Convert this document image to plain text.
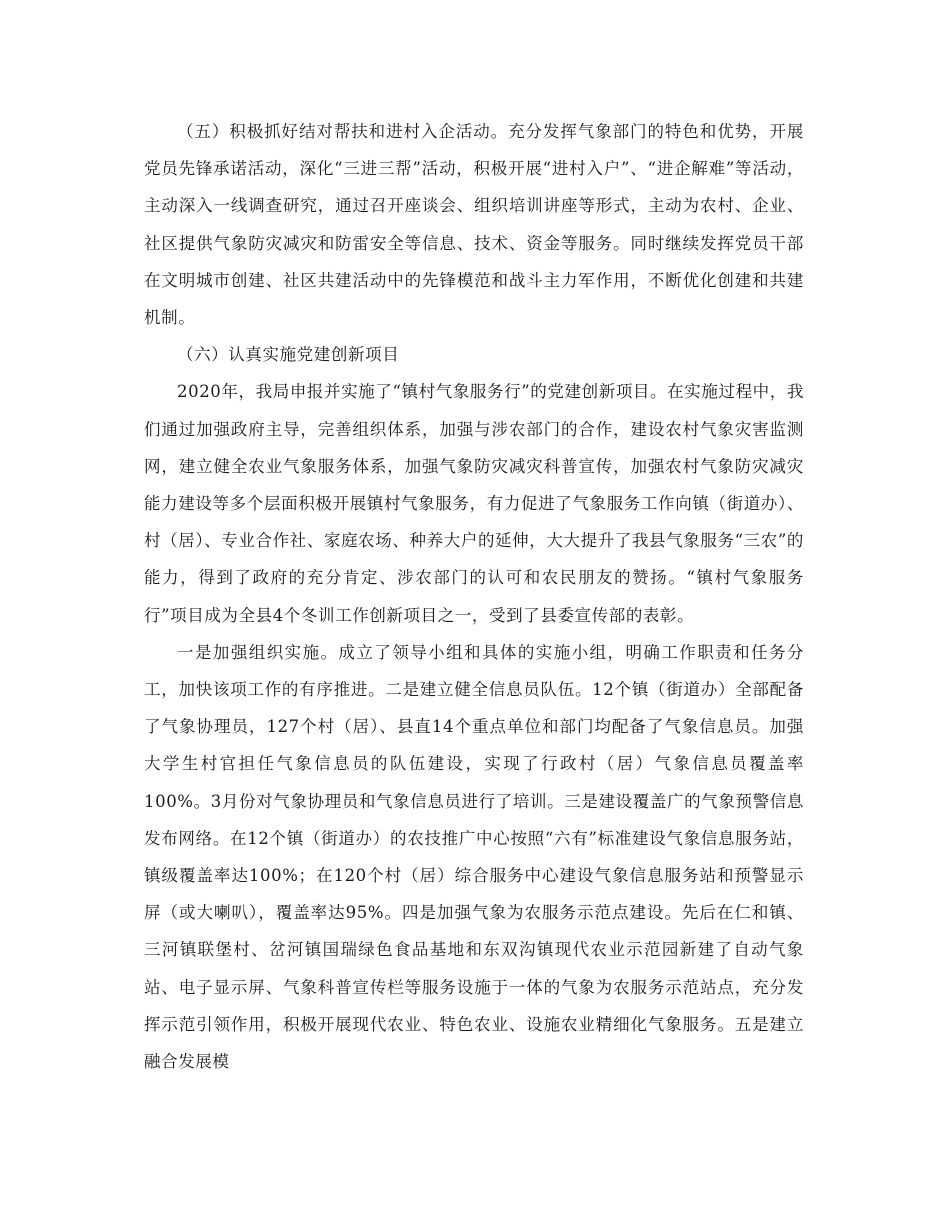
（五）积极抓好结对帮扶和进村入企活动。充分发挥气象部门的特色和优势，开展党员先锋承诺活动，深化“三进三帮”活动，积极开展“进村入户”、“进企解难”等活动，主动深入一线调查研究，通过召开座谈会、组织培训讲座等形式，主动为农村、企业、社区提供气象防灾减灾和防雷安全等信息、技术、资金等服务。同时继续发挥党员干部在文明城市创建、社区共建活动中的先锋模范和战斗主力军作用，不断优化创建和共建机制。

（六）认真实施党建创新项目

2020年，我局申报并实施了“镇村气象服务行”的党建创新项目。在实施过程中，我们通过加强政府主导，完善组织体系，加强与涉农部门的合作，建设农村气象灾害监测网，建立健全农业气象服务体系，加强气象防灾减灾科普宣传，加强农村气象防灾减灾能力建设等多个层面积极开展镇村气象服务，有力促进了气象服务工作向镇（街道办）、村（居）、专业合作社、家庭农场、种养大户的延伸，大大提升了我县气象服务“三农”的能力，得到了政府的充分肯定、涉农部门的认可和农民朋友的赞扬。“镇村气象服务行”项目成为全县4个冬训工作创新项目之一，受到了县委宣传部的表彰。

一是加强组织实施。成立了领导小组和具体的实施小组，明确工作职责和任务分工，加快该项工作的有序推进。二是建立健全信息员队伍。12个镇（街道办）全部配备了气象协理员，127个村（居）、县直14个重点单位和部门均配备了气象信息员。加强大学生村官担任气象信息员的队伍建设，实现了行政村（居）气象信息员覆盖率100%。3月份对气象协理员和气象信息员进行了培训。三是建设覆盖广的气象预警信息发布网络。在12个镇（街道办）的农技推广中心按照“六有”标准建设气象信息服务站，镇级覆盖率达100%；在120个村（居）综合服务中心建设气象信息服务站和预警显示屏（或大喇叭），覆盖率达95%。四是加强气象为农服务示范点建设。先后在仁和镇、三河镇联堡村、岔河镇国瑞绿色食品基地和东双沟镇现代农业示范园新建了自动气象站、电子显示屏、气象科普宣传栏等服务设施于一体的气象为农服务示范站点，充分发挥示范引领作用，积极开展现代农业、特色农业、设施农业精细化气象服务。五是建立融合发展模
